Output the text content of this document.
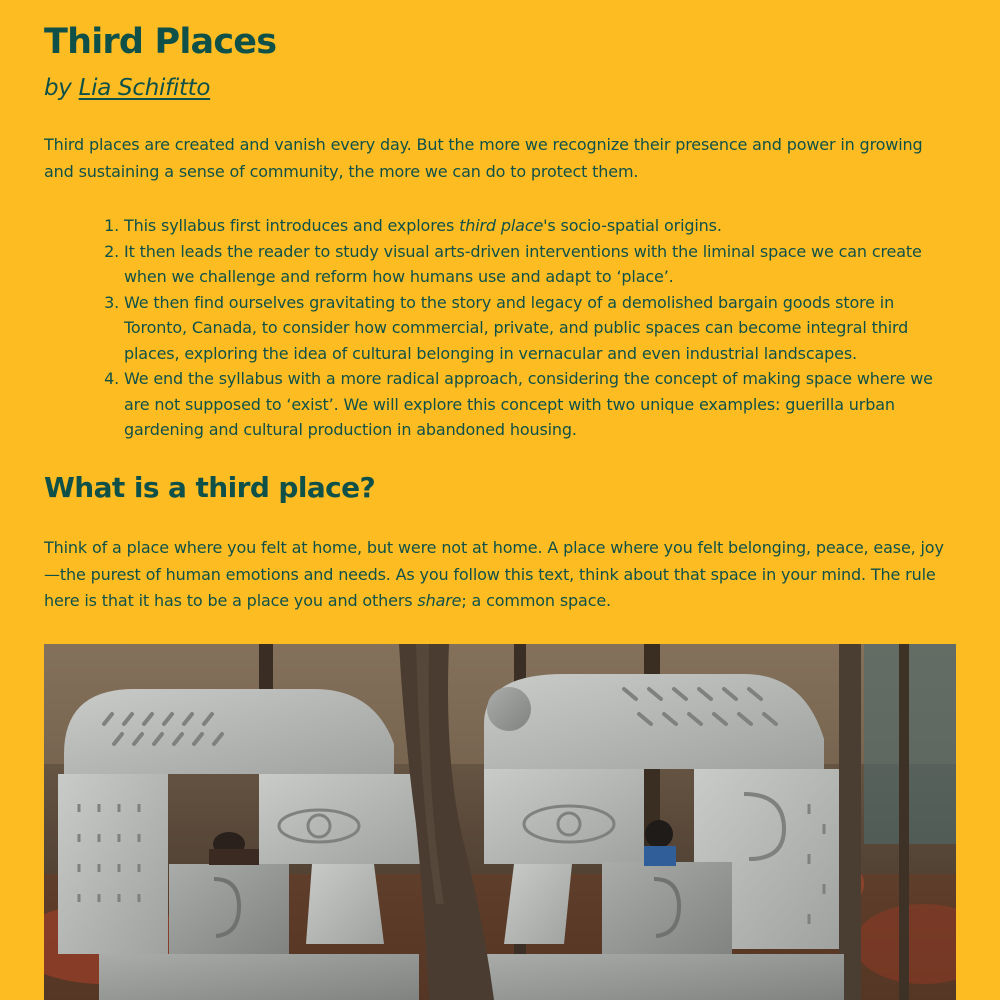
Third Places

by Lia Schifitto

Third places are created and vanish every day. But the more we recognize their presence and power in growing and sustaining a sense of community, the more we can do to protect them.

1. This syllabus first introduces and explores third place's socio-spatial origins.
2. It then leads the reader to study visual arts-driven interventions with the liminal space we can create when we challenge and reform how humans use and adapt to ‘place’.
3. We then find ourselves gravitating to the story and legacy of a demolished bargain goods store in Toronto, Canada, to consider how commercial, private, and public spaces can become integral third places, exploring the idea of cultural belonging in vernacular and even industrial landscapes.
4. We end the syllabus with a more radical approach, considering the concept of making space where we are not supposed to ‘exist’. We will explore this concept with two unique examples: guerilla urban gardening and cultural production in abandoned housing.
What is a third place?

Think of a place where you felt at home, but were not at home. A place where you felt belonging, peace, ease, joy—the purest of human emotions and needs. As you follow this text, think about that space in your mind. The rule here is that it has to be a place you and others share; a common space.
